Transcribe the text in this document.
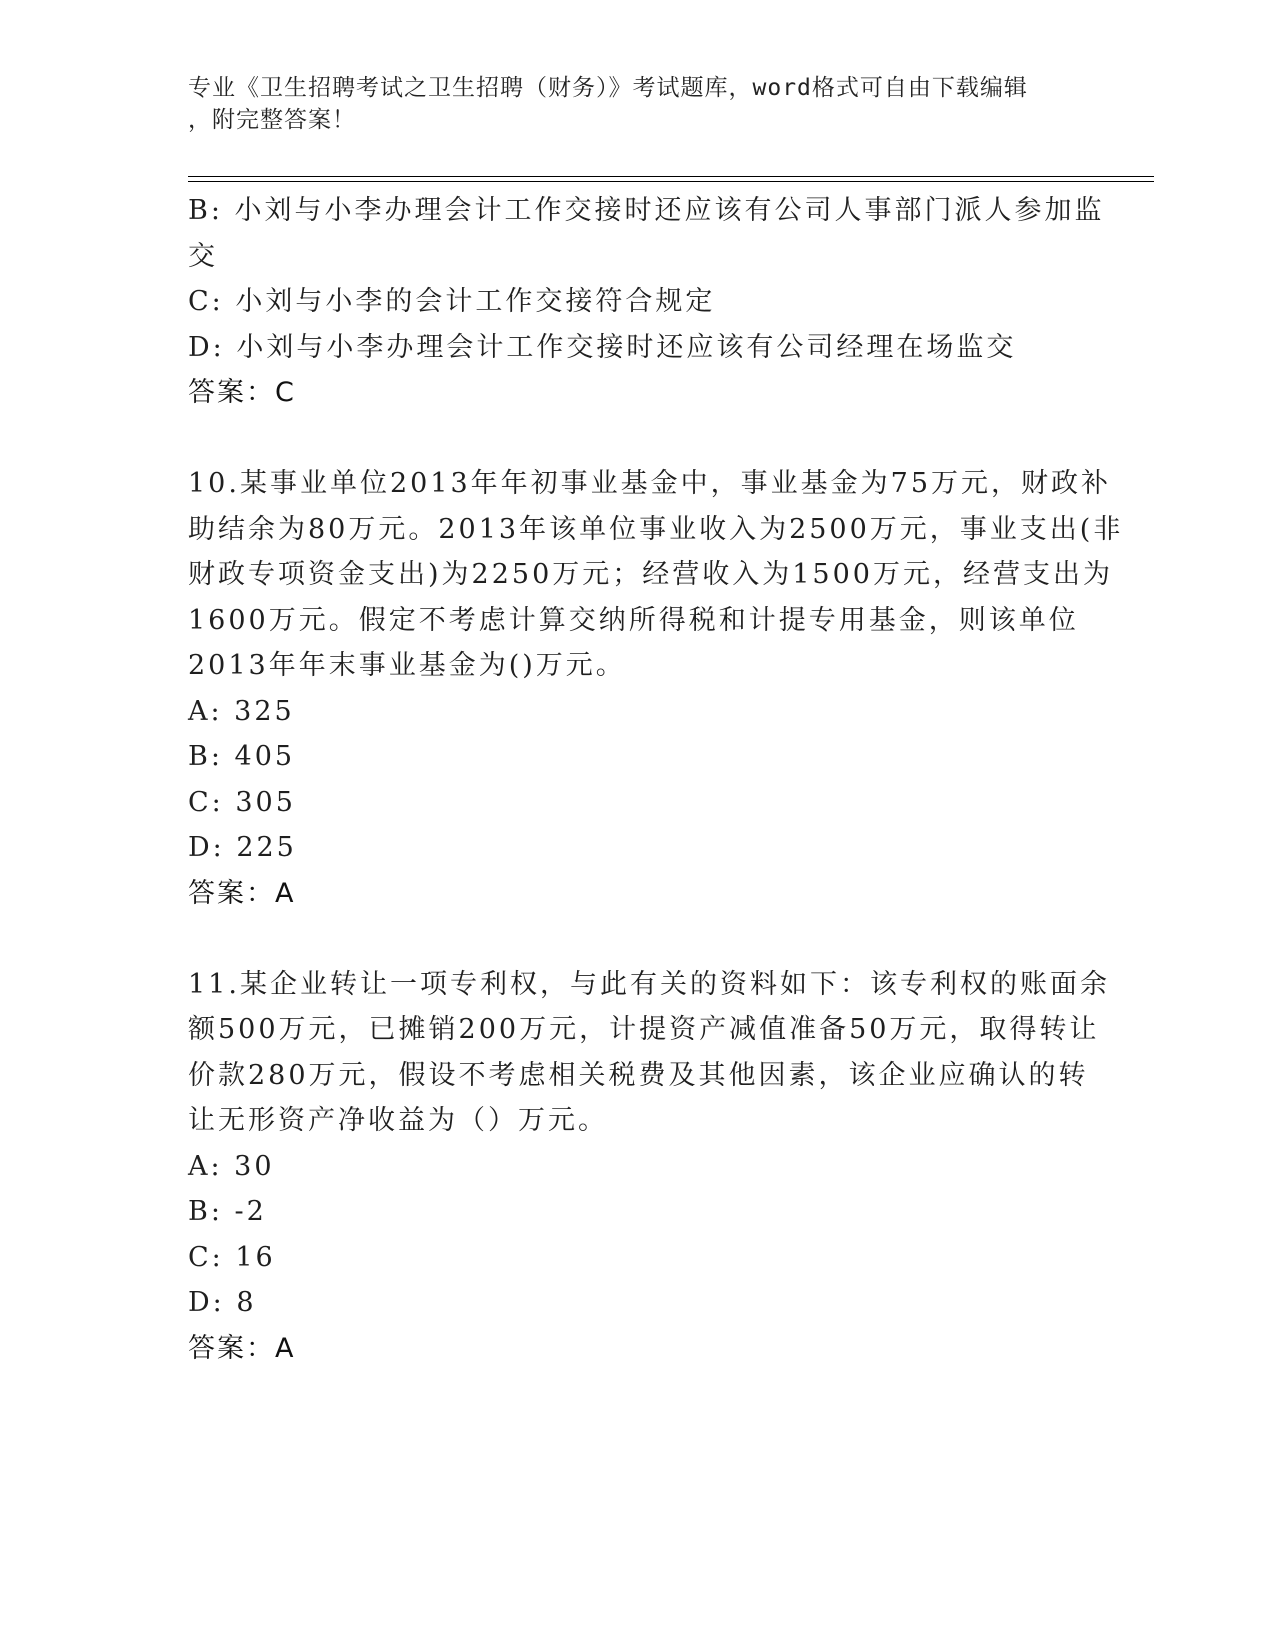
专业《卫生招聘考试之卫生招聘（财务）》考试题库，word格式可自由下载编辑
，附完整答案！
B: 小刘与小李办理会计工作交接时还应该有公司人事部门派人参加监
交
C: 小刘与小李的会计工作交接符合规定
D: 小刘与小李办理会计工作交接时还应该有公司经理在场监交
答案：C
10.某事业单位2013年年初事业基金中，事业基金为75万元，财政补
助结余为80万元。2013年该单位事业收入为2500万元，事业支出(非
财政专项资金支出)为2250万元；经营收入为1500万元，经营支出为
1600万元。假定不考虑计算交纳所得税和计提专用基金，则该单位
2013年年末事业基金为()万元。
A: 325
B: 405
C: 305
D: 225
答案：A
11.某企业转让一项专利权，与此有关的资料如下：该专利权的账面余
额500万元，已摊销200万元，计提资产减值准备50万元，取得转让
价款280万元，假设不考虑相关税费及其他因素，该企业应确认的转
让无形资产净收益为（）万元。
A: 30
B: -2
C: 16
D: 8
答案：A
